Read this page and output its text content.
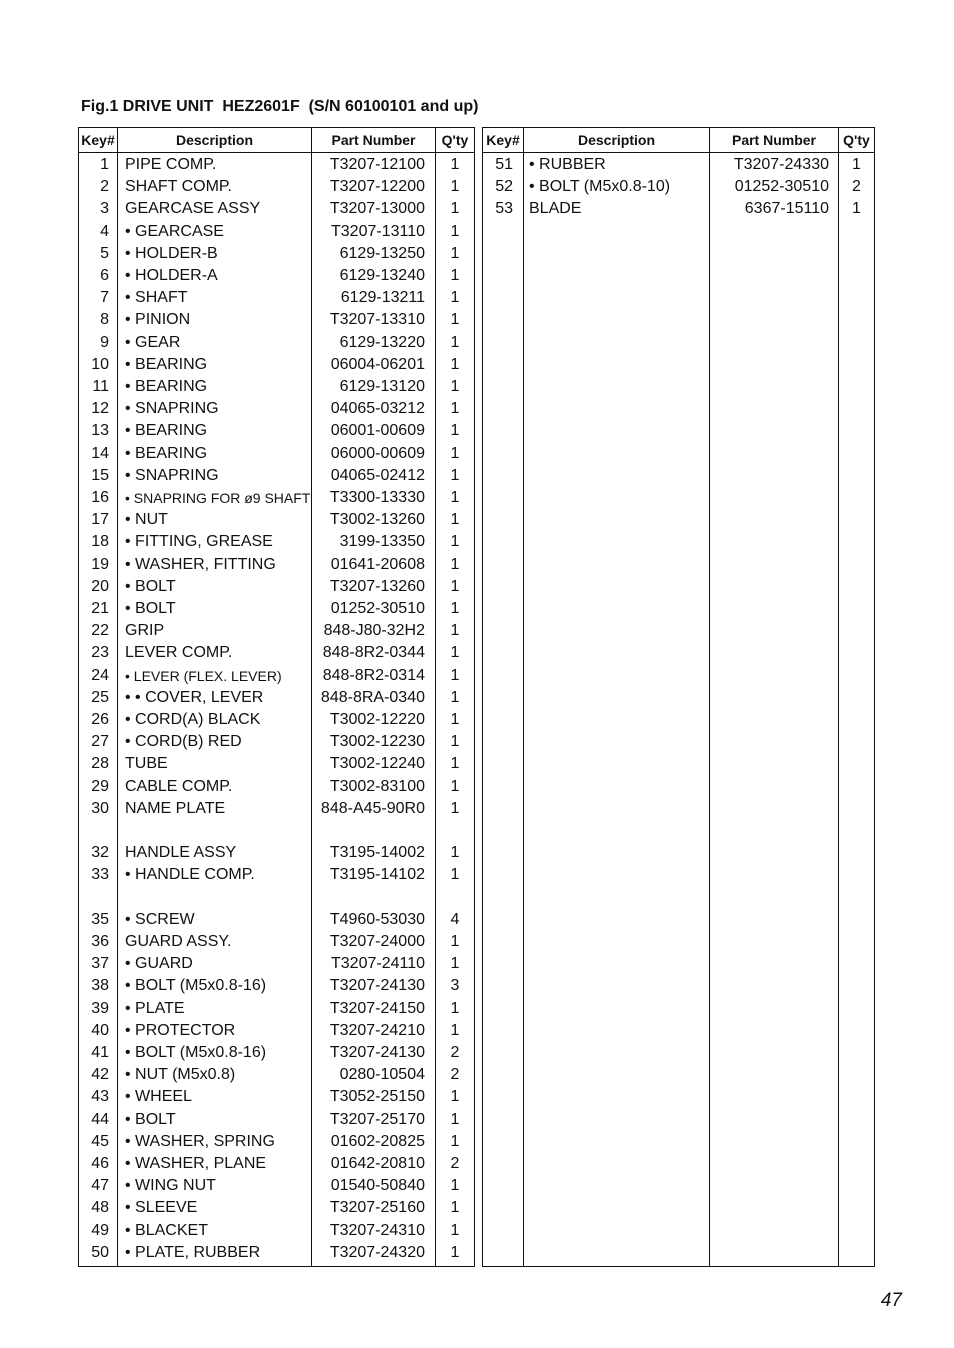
Fig.1 DRIVE UNIT  HEZ2601F  (S/N 60100101 and up)
Key#	Description	Part Number	Q'ty
1 PIPE COMP.	T3207-12100	1
2 SHAFT COMP.	T3207-12200	1
3 GEARCASE ASSY	T3207-13000	1
4 • GEARCASE	T3207-13110	1
5 • HOLDER-B	6129-13250	1
6 • HOLDER-A	6129-13240	1
7 • SHAFT	6129-13211	1
8 • PINION	T3207-13310	1
9 • GEAR	6129-13220	1
10 • BEARING	06004-06201	1
11 • BEARING	6129-13120	1
12 • SNAPRING	04065-03212	1
13 • BEARING	06001-00609	1
14 • BEARING	06000-00609	1
15 • SNAPRING	04065-02412	1
16 • SNAPRING FOR ø9 SHAFT	T3300-13330	1
17 • NUT	T3002-13260	1
18 • FITTING, GREASE	3199-13350	1
19 • WASHER, FITTING	01641-20608	1
20 • BOLT	T3207-13260	1
21 • BOLT	01252-30510	1
22 GRIP	848-J80-32H2	1
23 LEVER COMP.	848-8R2-0344	1
24 • LEVER (FLEX. LEVER)	848-8R2-0314	1
25 • • COVER, LEVER	848-8RA-0340	1
26 • CORD(A) BLACK	T3002-12220	1
27 • CORD(B) RED	T3002-12230	1
28 TUBE	T3002-12240	1
29 CABLE COMP.	T3002-83100	1
30 NAME PLATE	848-A45-90R0	1
32 HANDLE ASSY	T3195-14002	1
33 • HANDLE COMP.	T3195-14102	1
35 • SCREW	T4960-53030	4
36 GUARD ASSY.	T3207-24000	1
37 • GUARD	T3207-24110	1
38 • BOLT (M5x0.8-16)	T3207-24130	3
39 • PLATE	T3207-24150	1
40 • PROTECTOR	T3207-24210	1
41 • BOLT (M5x0.8-16)	T3207-24130	2
42 • NUT (M5x0.8)	0280-10504	2
43 • WHEEL	T3052-25150	1
44 • BOLT	T3207-25170	1
45 • WASHER, SPRING	01602-20825	1
46 • WASHER, PLANE	01642-20810	2
47 • WING NUT	01540-50840	1
48 • SLEEVE	T3207-25160	1
49 • BLACKET	T3207-24310	1
50 • PLATE, RUBBER	T3207-24320	1
Key#	Description	Part Number	Q'ty
51 • RUBBER	T3207-24330	1
52 • BOLT (M5x0.8-10)	01252-30510	2
53 BLADE	6367-15110	1
47
